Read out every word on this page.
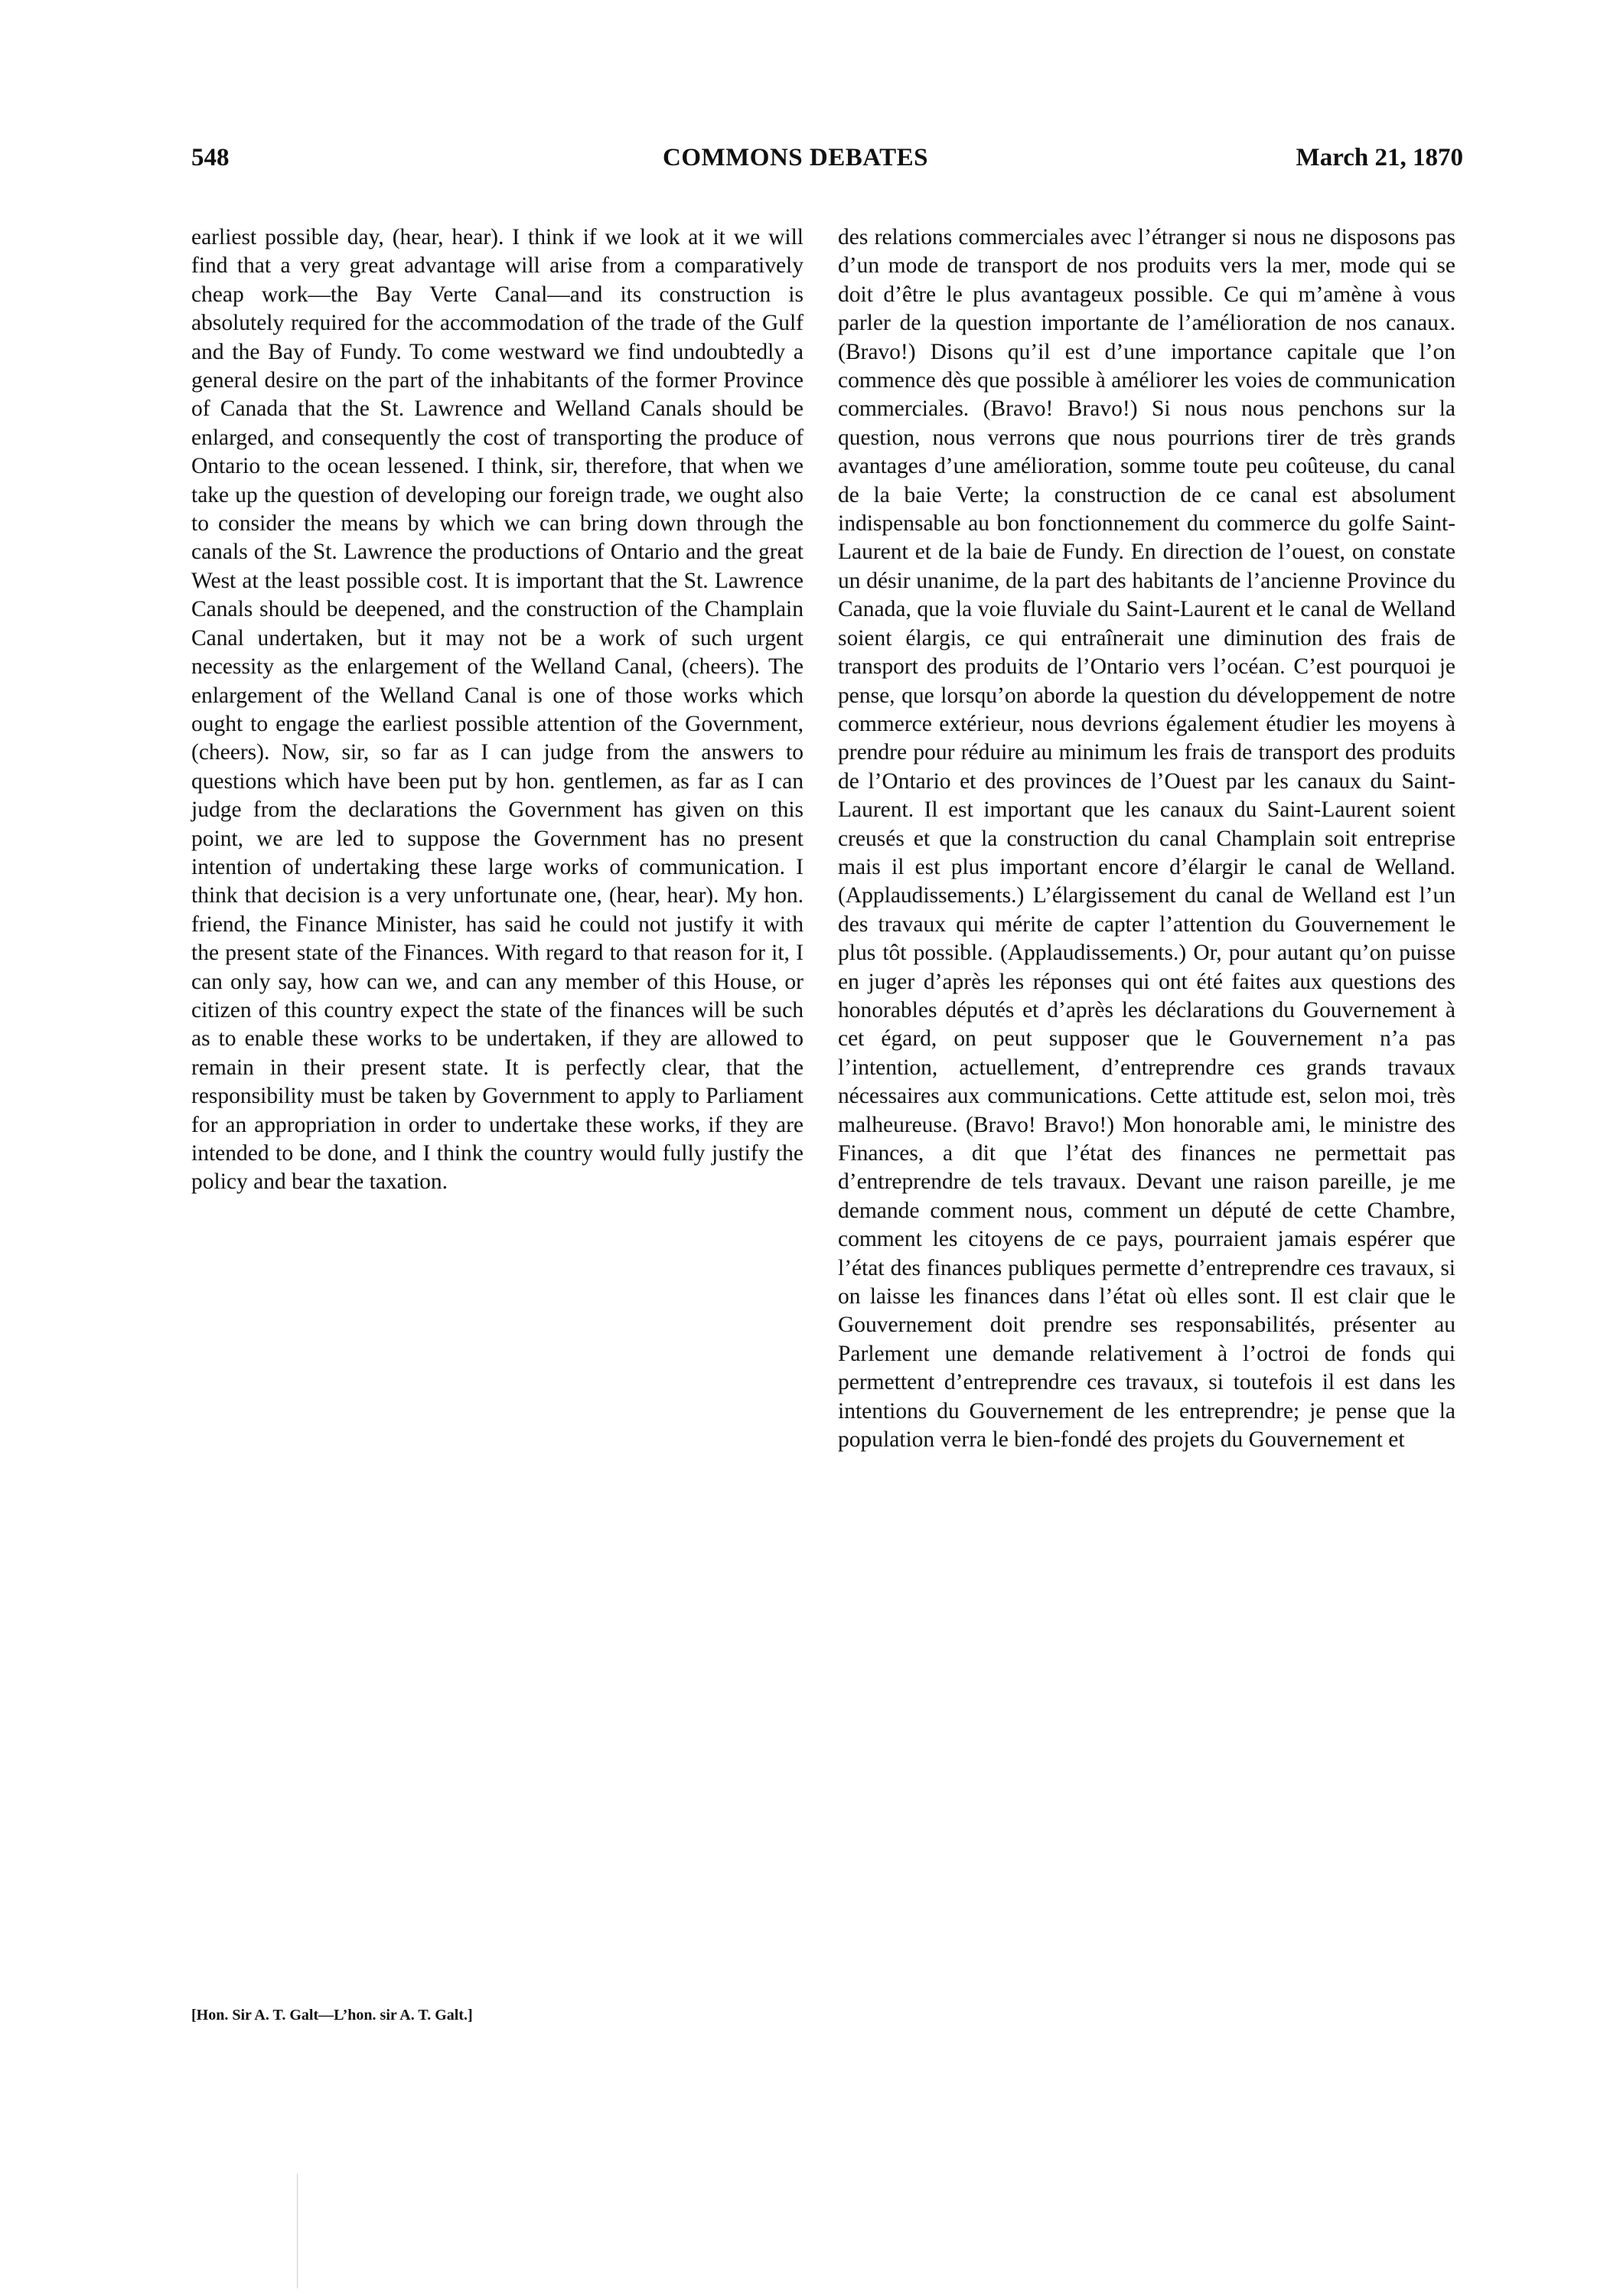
548	COMMONS DEBATES	March 21, 1870

earliest possible day, (hear, hear). I think if we look at it we will find that a very great advantage will arise from a comparatively cheap work—the Bay Verte Canal—and its construction is absolutely required for the accommodation of the trade of the Gulf and the Bay of Fundy. To come westward we find undoubtedly a general desire on the part of the inhabitants of the former Province of Canada that the St. Lawrence and Welland Canals should be enlarged, and consequently the cost of transporting the produce of Ontario to the ocean lessened. I think, sir, therefore, that when we take up the question of developing our foreign trade, we ought also to consider the means by which we can bring down through the canals of the St. Lawrence the productions of Ontario and the great West at the least possible cost. It is important that the St. Lawrence Canals should be deepened, and the construction of the Champlain Canal undertaken, but it may not be a work of such urgent necessity as the enlargement of the Welland Canal, (cheers). The enlargement of the Welland Canal is one of those works which ought to engage the earliest possible attention of the Government, (cheers). Now, sir, so far as I can judge from the answers to questions which have been put by hon. gentlemen, as far as I can judge from the declarations the Government has given on this point, we are led to suppose the Government has no present intention of undertaking these large works of communication. I think that decision is a very unfortunate one, (hear, hear). My hon. friend, the Finance Minister, has said he could not justify it with the present state of the Finances. With regard to that reason for it, I can only say, how can we, and can any member of this House, or citizen of this country expect the state of the finances will be such as to enable these works to be undertaken, if they are allowed to remain in their present state. It is perfectly clear, that the responsibility must be taken by Government to apply to Parliament for an appropriation in order to undertake these works, if they are intended to be done, and I think the country would fully justify the policy and bear the taxation.

des relations commerciales avec l’étranger si nous ne disposons pas d’un mode de transport de nos produits vers la mer, mode qui se doit d’être le plus avantageux possible. Ce qui m’amène à vous parler de la question importante de l’amélioration de nos canaux. (Bravo!) Disons qu’il est d’une importance capitale que l’on commence dès que possible à améliorer les voies de communication commerciales. (Bravo! Bravo!) Si nous nous penchons sur la question, nous verrons que nous pourrions tirer de très grands avantages d’une amélioration, somme toute peu coûteuse, du canal de la baie Verte; la construction de ce canal est absolument indispensable au bon fonctionnement du commerce du golfe Saint-Laurent et de la baie de Fundy. En direction de l’ouest, on constate un désir unanime, de la part des habitants de l’ancienne Province du Canada, que la voie fluviale du Saint-Laurent et le canal de Welland soient élargis, ce qui entraînerait une diminution des frais de transport des produits de l’Ontario vers l’océan. C’est pourquoi je pense, que lorsqu’on aborde la question du développement de notre commerce extérieur, nous devrions également étudier les moyens à prendre pour réduire au minimum les frais de transport des produits de l’Ontario et des provinces de l’Ouest par les canaux du Saint-Laurent. Il est important que les canaux du Saint-Laurent soient creusés et que la construction du canal Champlain soit entreprise mais il est plus important encore d’élargir le canal de Welland. (Applaudissements.) L’élargissement du canal de Welland est l’un des travaux qui mérite de capter l’attention du Gouvernement le plus tôt possible. (Applaudissements.) Or, pour autant qu’on puisse en juger d’après les réponses qui ont été faites aux questions des honorables députés et d’après les déclarations du Gouvernement à cet égard, on peut supposer que le Gouvernement n’a pas l’intention, actuellement, d’entreprendre ces grands travaux nécessaires aux communications. Cette attitude est, selon moi, très malheureuse. (Bravo! Bravo!) Mon honorable ami, le ministre des Finances, a dit que l’état des finances ne permettait pas d’entreprendre de tels travaux. Devant une raison pareille, je me demande comment nous, comment un député de cette Chambre, comment les citoyens de ce pays, pourraient jamais espérer que l’état des finances publiques permette d’entreprendre ces travaux, si on laisse les finances dans l’état où elles sont. Il est clair que le Gouvernement doit prendre ses responsabilités, présenter au Parlement une demande relativement à l’octroi de fonds qui permettent d’entreprendre ces travaux, si toutefois il est dans les intentions du Gouvernement de les entreprendre; je pense que la population verra le bien-fondé des projets du Gouvernement et

[Hon. Sir A. T. Galt—L’hon. sir A. T. Galt.]
